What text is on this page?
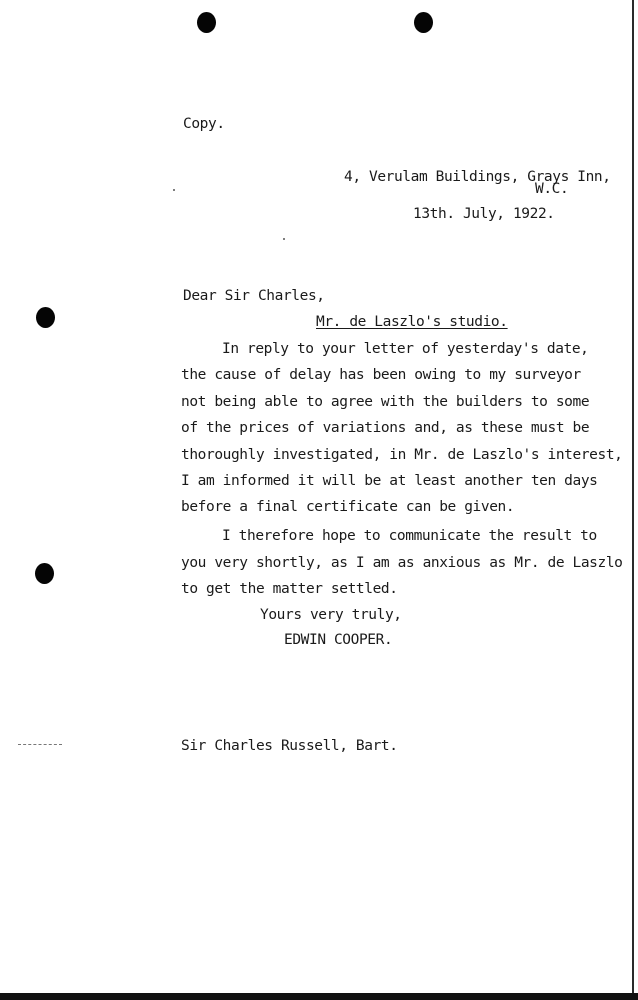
Copy.
4, Verulam Buildings, Grays Inn,
W.C.
13th. July, 1922.
Dear Sir Charles,
Mr. de Laszlo's studio.
In reply to your letter of yesterday's date,
the cause of delay has been owing to my surveyor
not being able to agree with the builders to some
of the prices of variations and, as these must be
thoroughly investigated, in Mr. de Laszlo's interest,
I am informed it will be at least another ten days
before a final certificate can be given.
I therefore hope to communicate the result to
you very shortly, as I am as anxious as Mr. de Laszlo
to get the matter settled.
Yours very truly,
EDWIN COOPER.
Sir Charles Russell, Bart.
